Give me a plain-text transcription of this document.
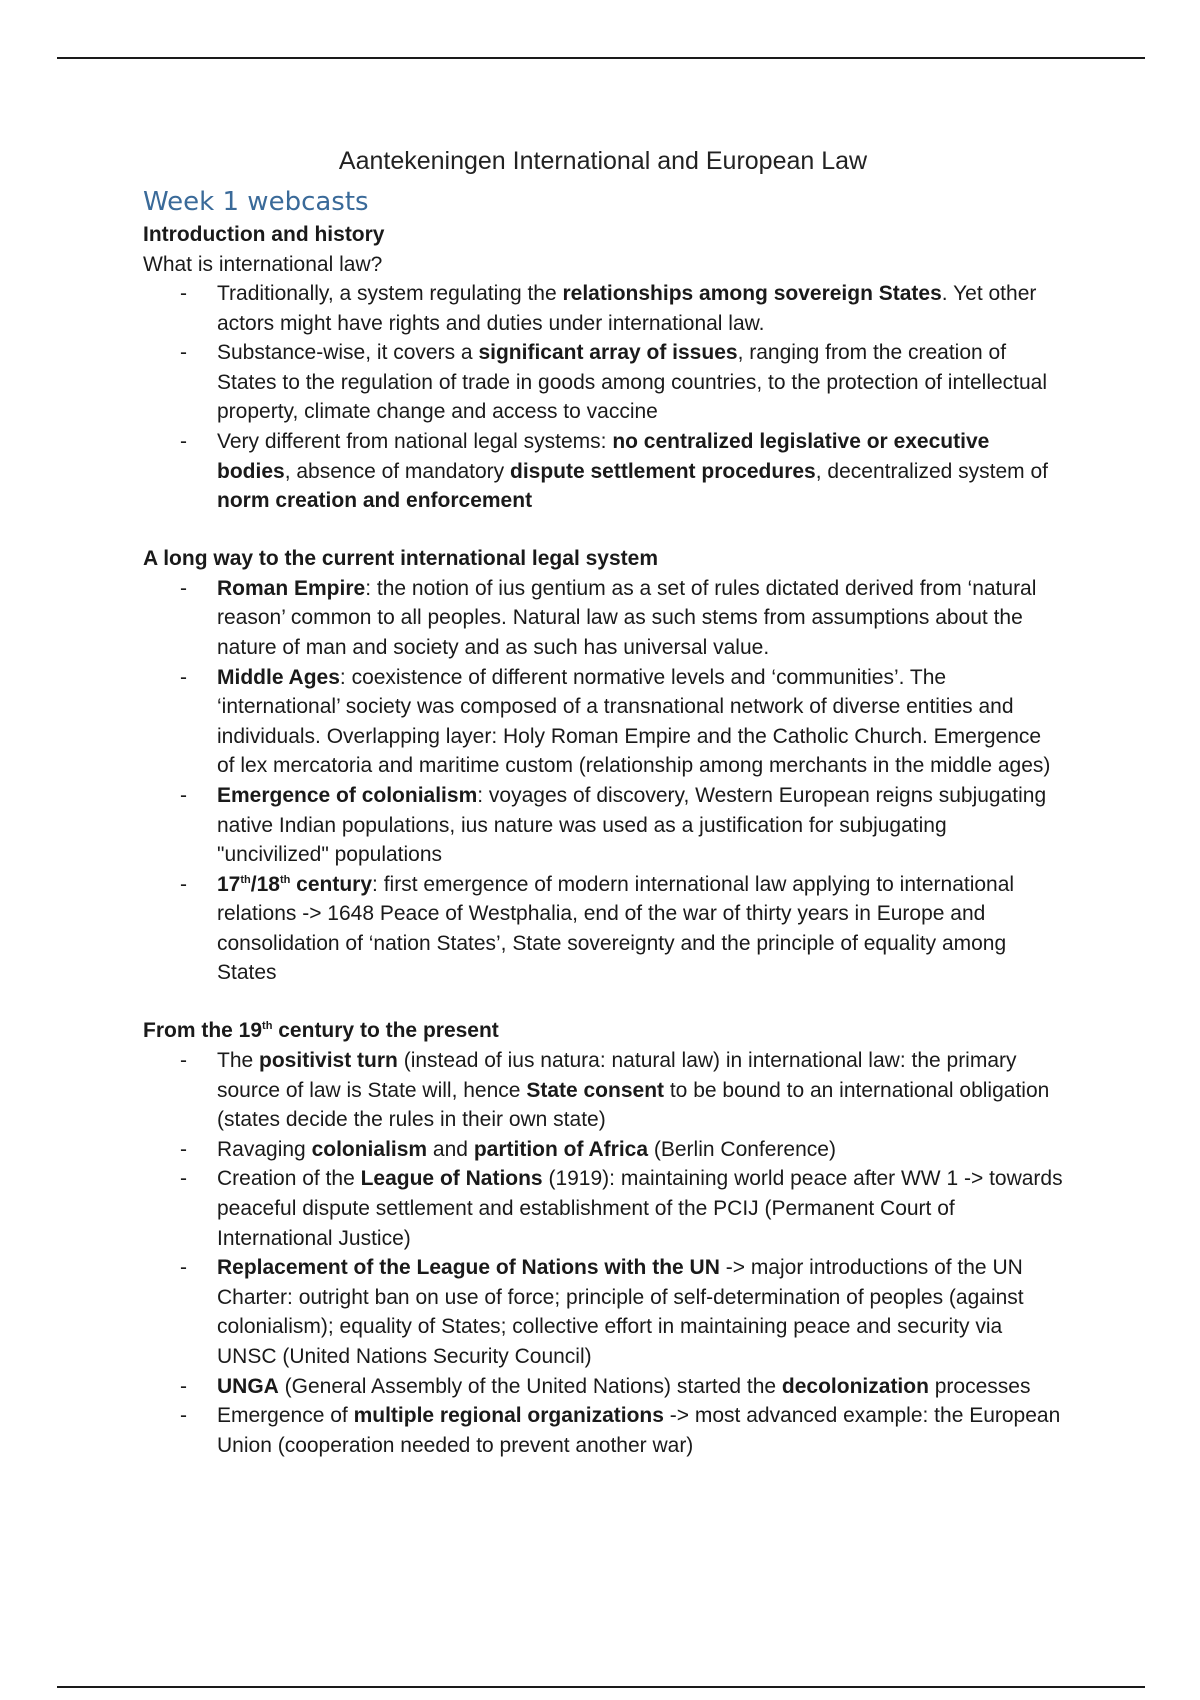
Aantekeningen International and European Law
Week 1 webcasts

Introduction and history

What is international law?

- Traditionally, a system regulating the relationships among sovereign States. Yet other actors might have rights and duties under international law.
- Substance-wise, it covers a significant array of issues, ranging from the creation of States to the regulation of trade in goods among countries, to the protection of intellectual property, climate change and access to vaccine
- Very different from national legal systems: no centralized legislative or executive bodies, absence of mandatory dispute settlement procedures, decentralized system of norm creation and enforcement

A long way to the current international legal system

- Roman Empire: the notion of ius gentium as a set of rules dictated derived from ‘natural reason’ common to all peoples. Natural law as such stems from assumptions about the nature of man and society and as such has universal value.
- Middle Ages: coexistence of different normative levels and ‘communities’. The ‘international’ society was composed of a transnational network of diverse entities and individuals. Overlapping layer: Holy Roman Empire and the Catholic Church. Emergence of lex mercatoria and maritime custom (relationship among merchants in the middle ages)
- Emergence of colonialism: voyages of discovery, Western European reigns subjugating native Indian populations, ius nature was used as a justification for subjugating "uncivilized" populations
- 17th/18th century: first emergence of modern international law applying to international relations -> 1648 Peace of Westphalia, end of the war of thirty years in Europe and consolidation of ‘nation States’, State sovereignty and the principle of equality among States

From the 19th century to the present

- The positivist turn (instead of ius natura: natural law) in international law: the primary source of law is State will, hence State consent to be bound to an international obligation (states decide the rules in their own state)
- Ravaging colonialism and partition of Africa (Berlin Conference)
- Creation of the League of Nations (1919): maintaining world peace after WW 1 -> towards peaceful dispute settlement and establishment of the PCIJ (Permanent Court of International Justice)
- Replacement of the League of Nations with the UN -> major introductions of the UN Charter: outright ban on use of force; principle of self-determination of peoples (against colonialism); equality of States; collective effort in maintaining peace and security via UNSC (United Nations Security Council)
- UNGA (General Assembly of the United Nations) started the decolonization processes
- Emergence of multiple regional organizations -> most advanced example: the European Union (cooperation needed to prevent another war)
